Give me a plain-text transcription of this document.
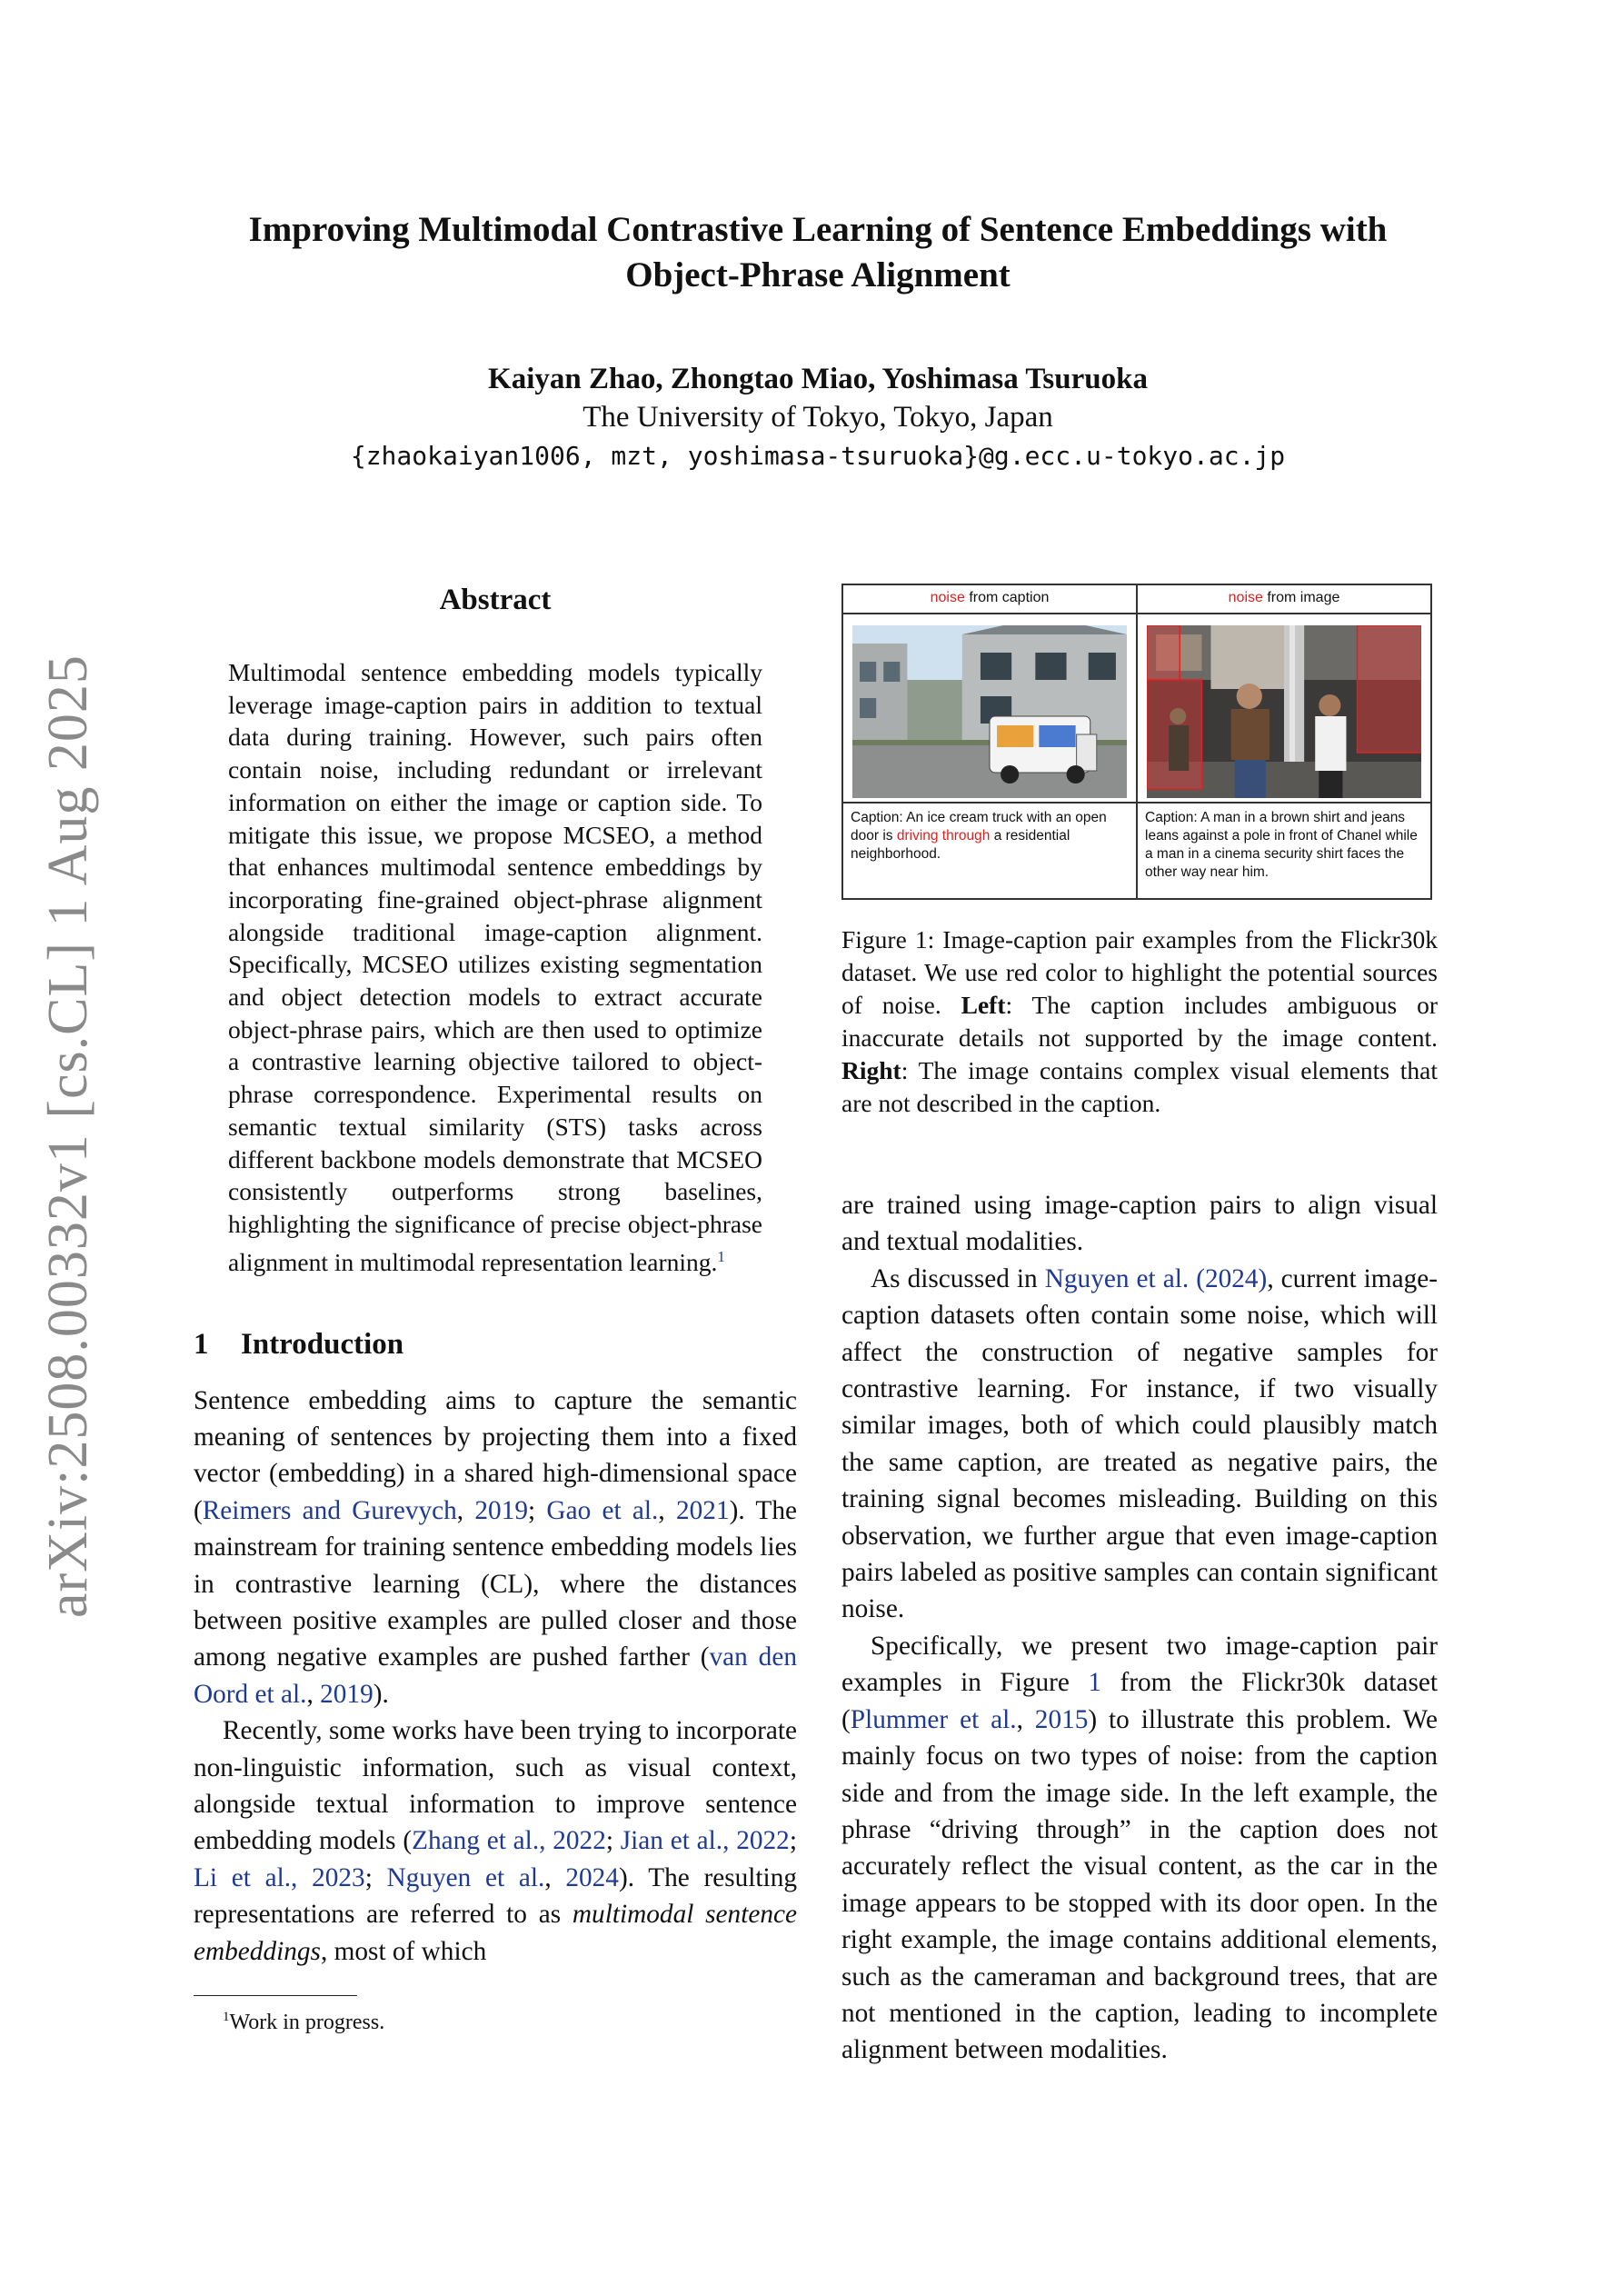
arXiv:2508.00332v1 [cs.CL] 1 Aug 2025
Improving Multimodal Contrastive Learning of Sentence Embeddings with
Object-Phrase Alignment
Kaiyan Zhao, Zhongtao Miao, Yoshimasa Tsuruoka
The University of Tokyo, Tokyo, Japan
{zhaokaiyan1006, mzt, yoshimasa-tsuruoka}@g.ecc.u-tokyo.ac.jp
Abstract
Multimodal sentence embedding models typically leverage image-caption pairs in addition to textual data during training. However, such pairs often contain noise, including redundant or irrelevant information on either the image or caption side. To mitigate this issue, we propose MCSEO, a method that enhances multimodal sentence embeddings by incorporating fine-grained object-phrase alignment alongside traditional image-caption alignment. Specifically, MCSEO utilizes existing segmentation and object detection models to extract accurate object-phrase pairs, which are then used to optimize a contrastive learning objective tailored to object-phrase correspondence. Experimental results on semantic textual similarity (STS) tasks across different backbone models demonstrate that MCSEO consistently outperforms strong baselines, highlighting the significance of precise object-phrase alignment in multimodal representation learning.$^1$
1 Introduction

Sentence embedding aims to capture the semantic meaning of sentences by projecting them into a fixed vector (embedding) in a shared high-dimensional space (Reimers and Gurevych, 2019; Gao et al., 2021). The mainstream for training sentence embedding models lies in contrastive learning (CL), where the distances between positive examples are pulled closer and those among negative examples are pushed farther (van den Oord et al., 2019).

Recently, some works have been trying to incorporate non-linguistic information, such as visual context, alongside textual information to improve sentence embedding models (Zhang et al., 2022; Jian et al., 2022; Li et al., 2023; Nguyen et al., 2024). The resulting representations are referred to as multimodal sentence embeddings, most of which

$^1$Work in progress.
noise from caption	noise from image
Caption: An ice cream truck with an open door is driving through a residential neighborhood.
Caption: A man in a brown shirt and jeans leans against a pole in front of Chanel while a man in a cinema security shirt faces the other way near him.
Figure 1: Image-caption pair examples from the Flickr30k dataset. We use red color to highlight the potential sources of noise. Left: The caption includes ambiguous or inaccurate details not supported by the image content. Right: The image contains complex visual elements that are not described in the caption.

are trained using image-caption pairs to align visual and textual modalities.

As discussed in Nguyen et al. (2024), current image-caption datasets often contain some noise, which will affect the construction of negative samples for contrastive learning. For instance, if two visually similar images, both of which could plausibly match the same caption, are treated as negative pairs, the training signal becomes misleading. Building on this observation, we further argue that even image-caption pairs labeled as positive samples can contain significant noise.

Specifically, we present two image-caption pair examples in Figure 1 from the Flickr30k dataset (Plummer et al., 2015) to illustrate this problem. We mainly focus on two types of noise: from the caption side and from the image side. In the left example, the phrase “driving through” in the caption does not accurately reflect the visual content, as the car in the image appears to be stopped with its door open. In the right example, the image contains additional elements, such as the cameraman and background trees, that are not mentioned in the caption, leading to incomplete alignment between modalities.
